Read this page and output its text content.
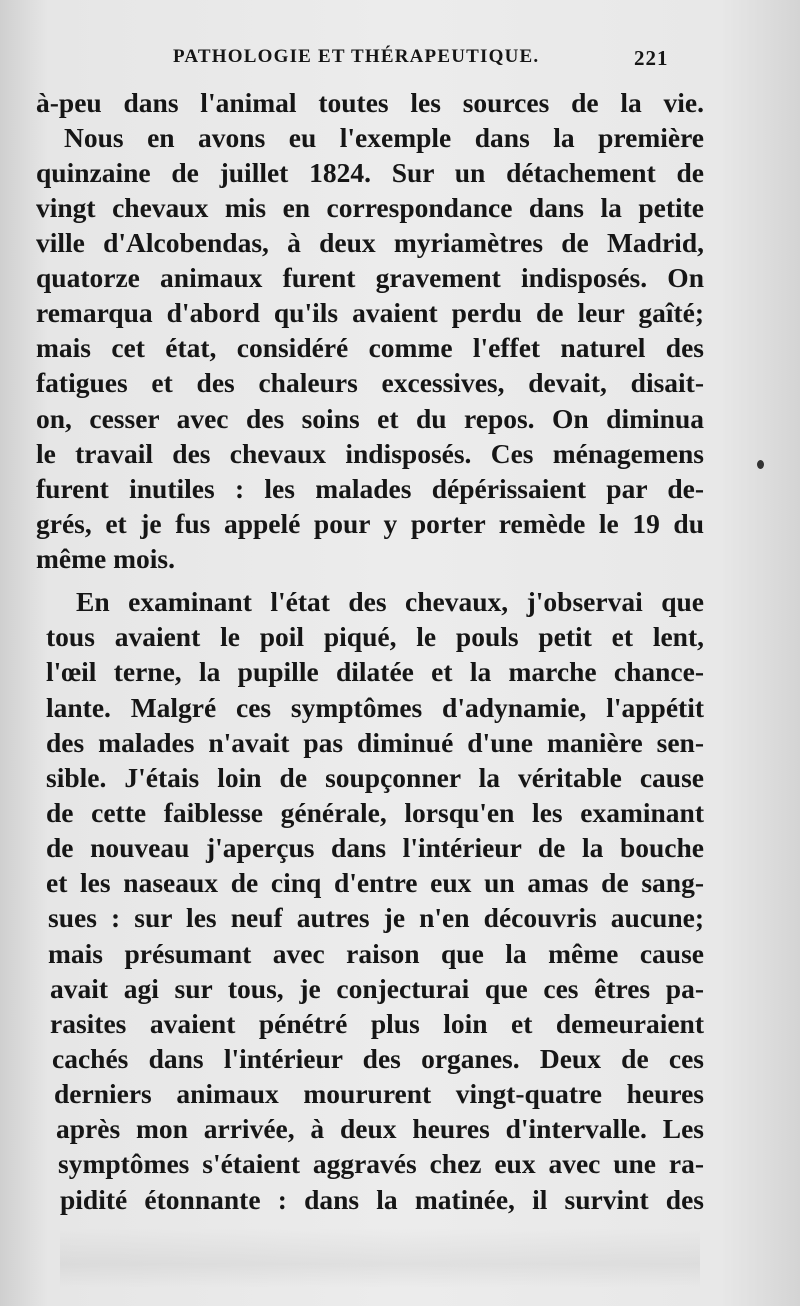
PATHOLOGIE ET THÉRAPEUTIQUE.	221
à-peu dans l'animal toutes les sources de la vie.
Nous en avons eu l'exemple dans la première
quinzaine de juillet 1824. Sur un détachement de
vingt chevaux mis en correspondance dans la petite
ville d'Alcobendas, à deux myriamètres de Madrid,
quatorze animaux furent gravement indisposés. On
remarqua d'abord qu'ils avaient perdu de leur gaîté;
mais cet état, considéré comme l'effet naturel des
fatigues et des chaleurs excessives, devait, disait-
on, cesser avec des soins et du repos. On diminua
le travail des chevaux indisposés. Ces ménagemens
furent inutiles : les malades dépérissaient par de-
grés, et je fus appelé pour y porter remède le 19 du
même mois.
En examinant l'état des chevaux, j'observai que
tous avaient le poil piqué, le pouls petit et lent,
l'œil terne, la pupille dilatée et la marche chance-
lante. Malgré ces symptômes d'adynamie, l'appétit
des malades n'avait pas diminué d'une manière sen-
sible. J'étais loin de soupçonner la véritable cause
de cette faiblesse générale, lorsqu'en les examinant
de nouveau j'aperçus dans l'intérieur de la bouche
et les naseaux de cinq d'entre eux un amas de sang-
sues : sur les neuf autres je n'en découvris aucune;
mais présumant avec raison que la même cause
avait agi sur tous, je conjecturai que ces êtres pa-
rasites avaient pénétré plus loin et demeuraient
cachés dans l'intérieur des organes. Deux de ces
derniers animaux moururent vingt-quatre heures
après mon arrivée, à deux heures d'intervalle. Les
symptômes s'étaient aggravés chez eux avec une ra-
pidité étonnante : dans la matinée, il survint des
